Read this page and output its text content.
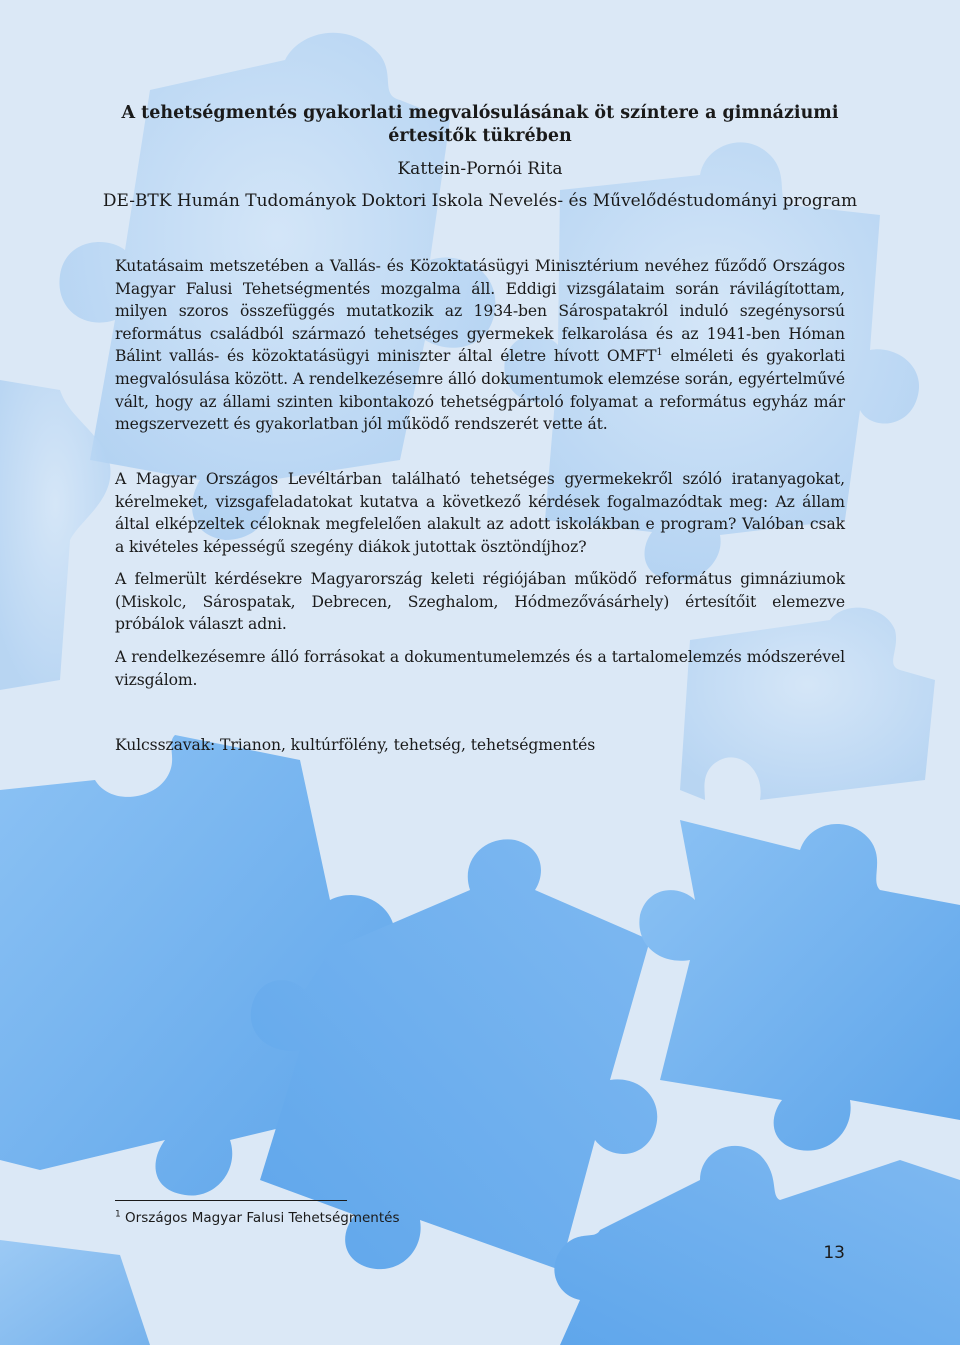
A tehetségmentés gyakorlati megvalósulásának öt színtere a gimnáziumi értesítők tükrében

Kattein-Pornói Rita

DE-BTK Humán Tudományok Doktori Iskola Nevelés- és Művelődéstudományi program

Kutatásaim metszetében a Vallás- és Közoktatásügyi Minisztérium nevéhez fűződő Országos Magyar Falusi Tehetségmentés mozgalma áll. Eddigi vizsgálataim során rávilágítottam, milyen szoros összefüggés mutatkozik az 1934-ben Sárospatakról induló szegénysorsú református családból származó tehetséges gyermekek felkarolása és az 1941-ben Hóman Bálint vallás- és közoktatásügyi miniszter által életre hívott OMFT$^1$ elméleti és gyakorlati megvalósulása között. A rendelkezésemre álló dokumentumok elemzése során, egyértelművé vált, hogy az állami szinten kibontakozó tehetségpártoló folyamat a református egyház már megszervezett és gyakorlatban jól működő rendszerét vette át.

A Magyar Országos Levéltárban található tehetséges gyermekekről szóló iratanyagokat, kérelmeket, vizsgafeladatokat kutatva a következő kérdések fogalmazódtak meg: Az állam által elképzeltek céloknak megfelelően alakult az adott iskolákban e program? Valóban csak a kivételes képességű szegény diákok jutottak ösztöndíjhoz?

A felmerült kérdésekre Magyarország keleti régiójában működő református gimnáziumok (Miskolc, Sárospatak, Debrecen, Szeghalom, Hódmezővásárhely) értesítőit elemezve próbálok választ adni.

A rendelkezésemre álló forrásokat a dokumentumelemzés és a tartalomelemzés módszerével vizsgálom.

Kulcsszavak: Trianon, kultúrfölény, tehetség, tehetségmentés

$^1$ Országos Magyar Falusi Tehetségmentés

13
